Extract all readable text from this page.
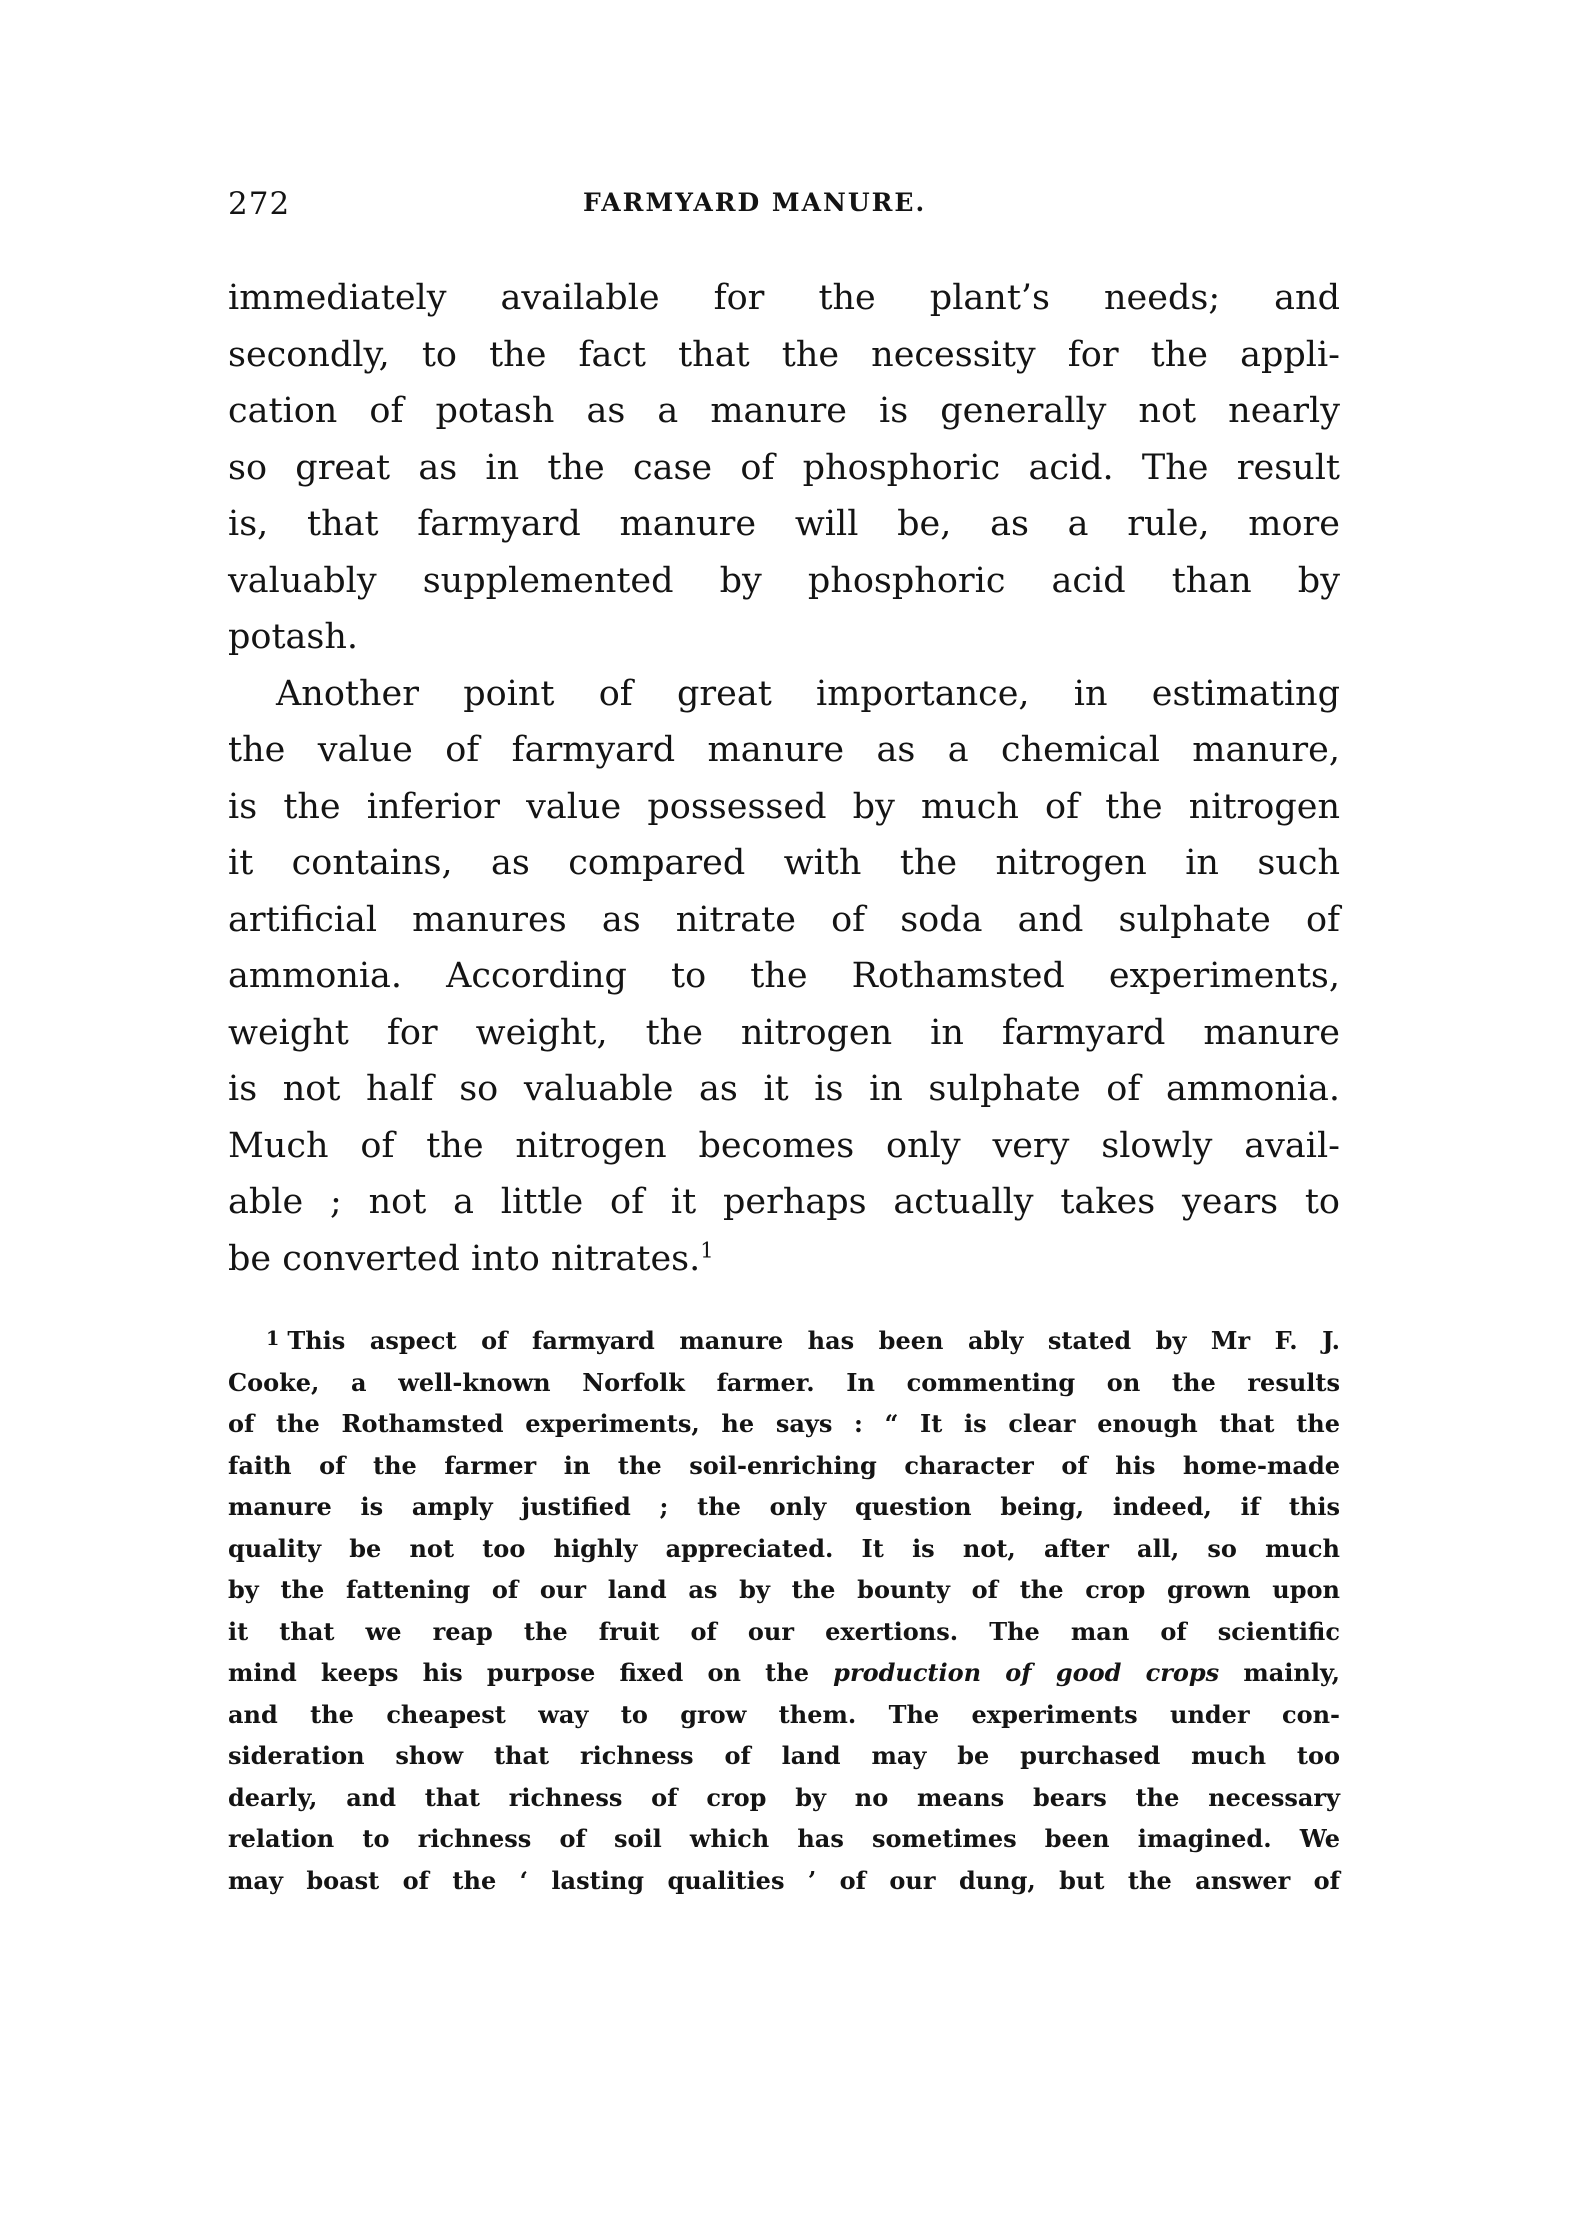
272	FARMYARD MANURE.
immediately available for the plant’s needs; and
secondly, to the fact that the necessity for the appli-
cation of potash as a manure is generally not nearly
so great as in the case of phosphoric acid. The result
is, that farmyard manure will be, as a rule, more
valuably supplemented by phosphoric acid than by
potash.
Another point of great importance, in estimating
the value of farmyard manure as a chemical manure,
is the inferior value possessed by much of the nitrogen
it contains, as compared with the nitrogen in such
artificial manures as nitrate of soda and sulphate of
ammonia. According to the Rothamsted experiments,
weight for weight, the nitrogen in farmyard manure
is not half so valuable as it is in sulphate of ammonia.
Much of the nitrogen becomes only very slowly avail-
able ; not a little of it perhaps actually takes years to
be converted into nitrates.$^1$
1 This aspect of farmyard manure has been ably stated by Mr F. J.
Cooke, a well-known Norfolk farmer. In commenting on the results
of the Rothamsted experiments, he says : “ It is clear enough that the
faith of the farmer in the soil-enriching character of his home-made
manure is amply justified ; the only question being, indeed, if this
quality be not too highly appreciated. It is not, after all, so much
by the fattening of our land as by the bounty of the crop grown upon
it that we reap the fruit of our exertions. The man of scientific
mind keeps his purpose fixed on the production of good crops mainly,
and the cheapest way to grow them. The experiments under con-
sideration show that richness of land may be purchased much too
dearly, and that richness of crop by no means bears the necessary
relation to richness of soil which has sometimes been imagined. We
may boast of the ‘ lasting qualities ’ of our dung, but the answer of
